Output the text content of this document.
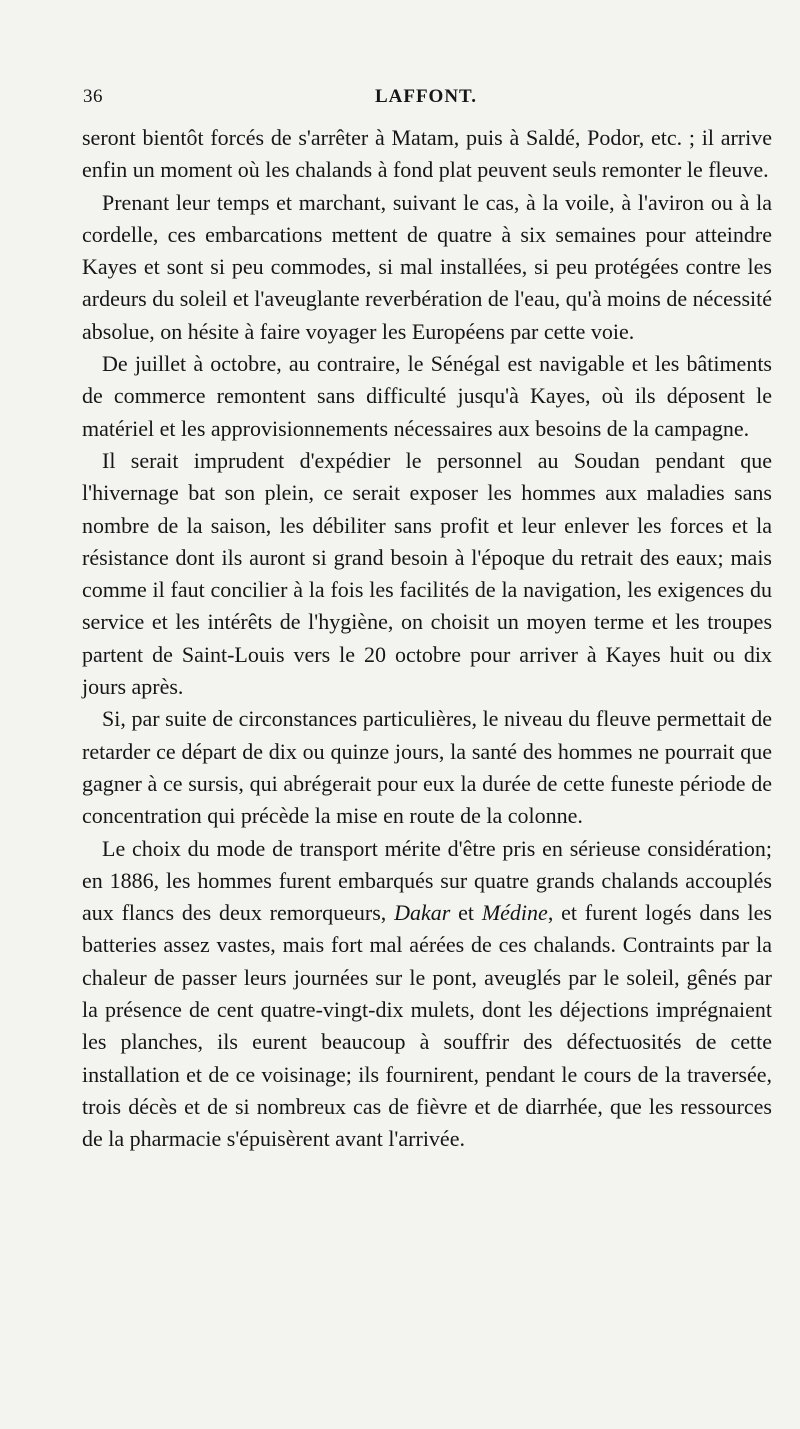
36	LAFFONT.

seront bientôt forcés de s'arrêter à Matam, puis à Saldé, Podor, etc. ; il arrive enfin un moment où les chalands à fond plat peuvent seuls remonter le fleuve.

Prenant leur temps et marchant, suivant le cas, à la voile, à l'aviron ou à la cordelle, ces embarcations mettent de quatre à six semaines pour atteindre Kayes et sont si peu commodes, si mal installées, si peu protégées contre les ardeurs du soleil et l'aveuglante reverbération de l'eau, qu'à moins de nécessité absolue, on hésite à faire voyager les Européens par cette voie.

De juillet à octobre, au contraire, le Sénégal est navigable et les bâtiments de commerce remontent sans difficulté jusqu'à Kayes, où ils déposent le matériel et les approvisionnements nécessaires aux besoins de la campagne.

Il serait imprudent d'expédier le personnel au Soudan pendant que l'hivernage bat son plein, ce serait exposer les hommes aux maladies sans nombre de la saison, les débiliter sans profit et leur enlever les forces et la résistance dont ils auront si grand besoin à l'époque du retrait des eaux; mais comme il faut concilier à la fois les facilités de la navigation, les exigences du service et les intérêts de l'hygiène, on choisit un moyen terme et les troupes partent de Saint-Louis vers le 20 octobre pour arriver à Kayes huit ou dix jours après.

Si, par suite de circonstances particulières, le niveau du fleuve permettait de retarder ce départ de dix ou quinze jours, la santé des hommes ne pourrait que gagner à ce sursis, qui abrégerait pour eux la durée de cette funeste période de concentration qui précède la mise en route de la colonne.

Le choix du mode de transport mérite d'être pris en sérieuse considération; en 1886, les hommes furent embarqués sur quatre grands chalands accouplés aux flancs des deux remorqueurs, Dakar et Médine, et furent logés dans les batteries assez vastes, mais fort mal aérées de ces chalands. Contraints par la chaleur de passer leurs journées sur le pont, aveuglés par le soleil, gênés par la présence de cent quatre-vingt-dix mulets, dont les déjections imprégnaient les planches, ils eurent beaucoup à souffrir des défectuosités de cette installation et de ce voisinage; ils fournirent, pendant le cours de la traversée, trois décès et de si nombreux cas de fièvre et de diarrhée, que les ressources de la pharmacie s'épuisèrent avant l'arrivée.
